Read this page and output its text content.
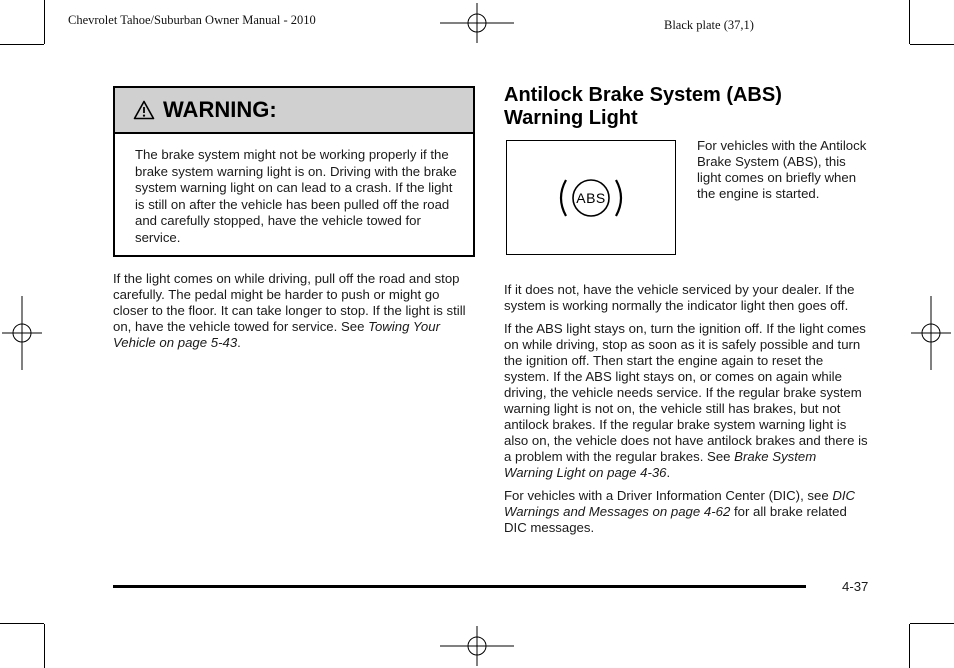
Chevrolet Tahoe/Suburban Owner Manual - 2010	Black plate (37,1)
WARNING:
The brake system might not be working properly if the brake system warning light is on. Driving with the brake system warning light on can lead to a crash. If the light is still on after the vehicle has been pulled off the road and carefully stopped, have the vehicle towed for service.

If the light comes on while driving, pull off the road and stop carefully. The pedal might be harder to push or might go closer to the floor. It can take longer to stop. If the light is still on, have the vehicle towed for service. See Towing Your Vehicle on page 5-43.

Antilock Brake System (ABS) Warning Light
ABS
For vehicles with the Antilock Brake System (ABS), this light comes on briefly when the engine is started.

If it does not, have the vehicle serviced by your dealer. If the system is working normally the indicator light then goes off.

If the ABS light stays on, turn the ignition off. If the light comes on while driving, stop as soon as it is safely possible and turn the ignition off. Then start the engine again to reset the system. If the ABS light stays on, or comes on again while driving, the vehicle needs service. If the regular brake system warning light is not on, the vehicle still has brakes, but not antilock brakes. If the regular brake system warning light is also on, the vehicle does not have antilock brakes and there is a problem with the regular brakes. See Brake System Warning Light on page 4-36.

For vehicles with a Driver Information Center (DIC), see DIC Warnings and Messages on page 4-62 for all brake related DIC messages.

4-37
